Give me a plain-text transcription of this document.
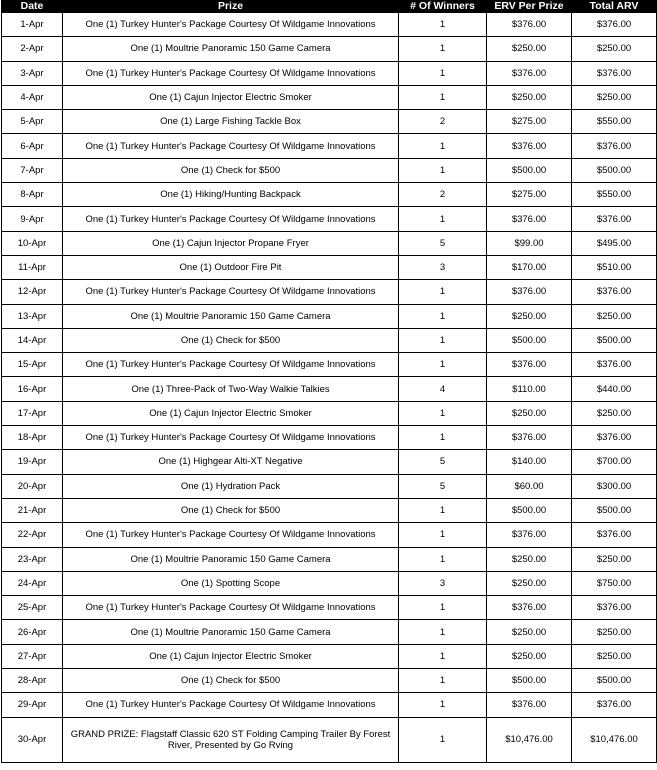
Date	Prize	# Of Winners	ERV Per Prize	Total ARV
1-Apr	One (1) Turkey Hunter's Package Courtesy Of Wildgame Innovations	1	$376.00	$376.00
2-Apr	One (1) Moultrie Panoramic 150 Game Camera	1	$250.00	$250.00
3-Apr	One (1) Turkey Hunter's Package Courtesy Of Wildgame Innovations	1	$376.00	$376.00
4-Apr	One (1) Cajun Injector Electric Smoker	1	$250.00	$250.00
5-Apr	One (1) Large Fishing Tackle Box	2	$275.00	$550.00
6-Apr	One (1) Turkey Hunter's Package Courtesy Of Wildgame Innovations	1	$376.00	$376.00
7-Apr	One (1) Check for $500	1	$500.00	$500.00
8-Apr	One (1) Hiking/Hunting Backpack	2	$275.00	$550.00
9-Apr	One (1) Turkey Hunter's Package Courtesy Of Wildgame Innovations	1	$376.00	$376.00
10-Apr	One (1) Cajun Injector Propane Fryer	5	$99.00	$495.00
11-Apr	One (1) Outdoor Fire Pit	3	$170.00	$510.00
12-Apr	One (1) Turkey Hunter's Package Courtesy Of Wildgame Innovations	1	$376.00	$376.00
13-Apr	One (1) Moultrie Panoramic 150 Game Camera	1	$250.00	$250.00
14-Apr	One (1) Check for $500	1	$500.00	$500.00
15-Apr	One (1) Turkey Hunter's Package Courtesy Of Wildgame Innovations	1	$376.00	$376.00
16-Apr	One (1) Three-Pack of Two-Way Walkie Talkies	4	$110.00	$440.00
17-Apr	One (1) Cajun Injector Electric Smoker	1	$250.00	$250.00
18-Apr	One (1) Turkey Hunter's Package Courtesy Of Wildgame Innovations	1	$376.00	$376.00
19-Apr	One (1) Highgear Alti-XT Negative	5	$140.00	$700.00
20-Apr	One (1) Hydration Pack	5	$60.00	$300.00
21-Apr	One (1) Check for $500	1	$500.00	$500.00
22-Apr	One (1) Turkey Hunter's Package Courtesy Of Wildgame Innovations	1	$376.00	$376.00
23-Apr	One (1) Moultrie Panoramic 150 Game Camera	1	$250.00	$250.00
24-Apr	One (1) Spotting Scope	3	$250.00	$750.00
25-Apr	One (1) Turkey Hunter's Package Courtesy Of Wildgame Innovations	1	$376.00	$376.00
26-Apr	One (1) Moultrie Panoramic 150 Game Camera	1	$250.00	$250.00
27-Apr	One (1) Cajun Injector Electric Smoker	1	$250.00	$250.00
28-Apr	One (1) Check for $500	1	$500.00	$500.00
29-Apr	One (1) Turkey Hunter's Package Courtesy Of Wildgame Innovations	1	$376.00	$376.00
30-Apr	GRAND PRIZE: Flagstaff Classic 620 ST Folding Camping Trailer By Forest River, Presented by Go Rving	1	$10,476.00	$10,476.00
